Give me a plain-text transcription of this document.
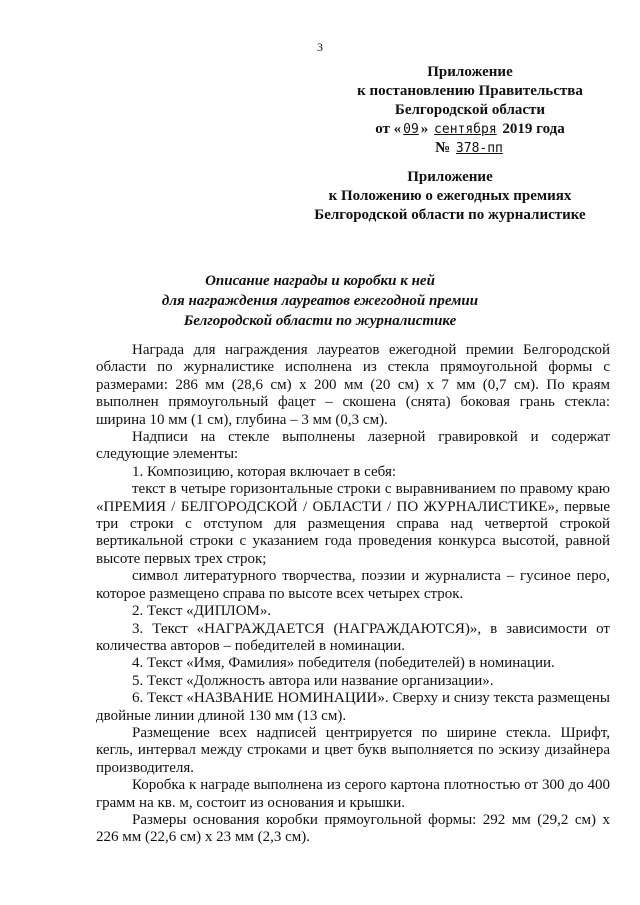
3
Приложение
к постановлению Правительства
Белгородской области
от « 09 » сентября 2019 года
№ 378-пп
Приложение
к Положению о ежегодных премиях
Белгородской области по журналистике
Описание награды и коробки к ней
для награждения лауреатов ежегодной премии
Белгородской области по журналистике

Награда для награждения лауреатов ежегодной премии Белгородской области по журналистике исполнена из стекла прямоугольной формы с размерами: 286 мм (28,6 см) х 200 мм (20 см) х 7 мм (0,7 см). По краям выполнен прямоугольный фацет – скошена (снята) боковая грань стекла: ширина 10 мм (1 см), глубина – 3 мм (0,3 см).

Надписи на стекле выполнены лазерной гравировкой и содержат следующие элементы:

1. Композицию, которая включает в себя:

текст в четыре горизонтальные строки с выравниванием по правому краю «ПРЕМИЯ / БЕЛГОРОДСКОЙ / ОБЛАСТИ / ПО ЖУРНАЛИСТИКЕ», первые три строки с отступом для размещения справа над четвертой строкой вертикальной строки с указанием года проведения конкурса высотой, равной высоте первых трех строк;

символ литературного творчества, поэзии и журналиста – гусиное перо, которое размещено справа по высоте всех четырех строк.

2. Текст «ДИПЛОМ».

3. Текст «НАГРАЖДАЕТСЯ (НАГРАЖДАЮТСЯ)», в зависимости от количества авторов – победителей в номинации.

4. Текст «Имя, Фамилия» победителя (победителей) в номинации.

5. Текст «Должность автора или название организации».

6. Текст «НАЗВАНИЕ НОМИНАЦИИ». Сверху и снизу текста размещены двойные линии длиной 130 мм (13 см).

Размещение всех надписей центрируется по ширине стекла. Шрифт, кегль, интервал между строками и цвет букв выполняется по эскизу дизайнера производителя.

Коробка к награде выполнена из серого картона плотностью от 300 до 400 грамм на кв. м, состоит из основания и крышки.

Размеры основания коробки прямоугольной формы: 292 мм (29,2 см) х 226 мм (22,6 см) х 23 мм (2,3 см).
